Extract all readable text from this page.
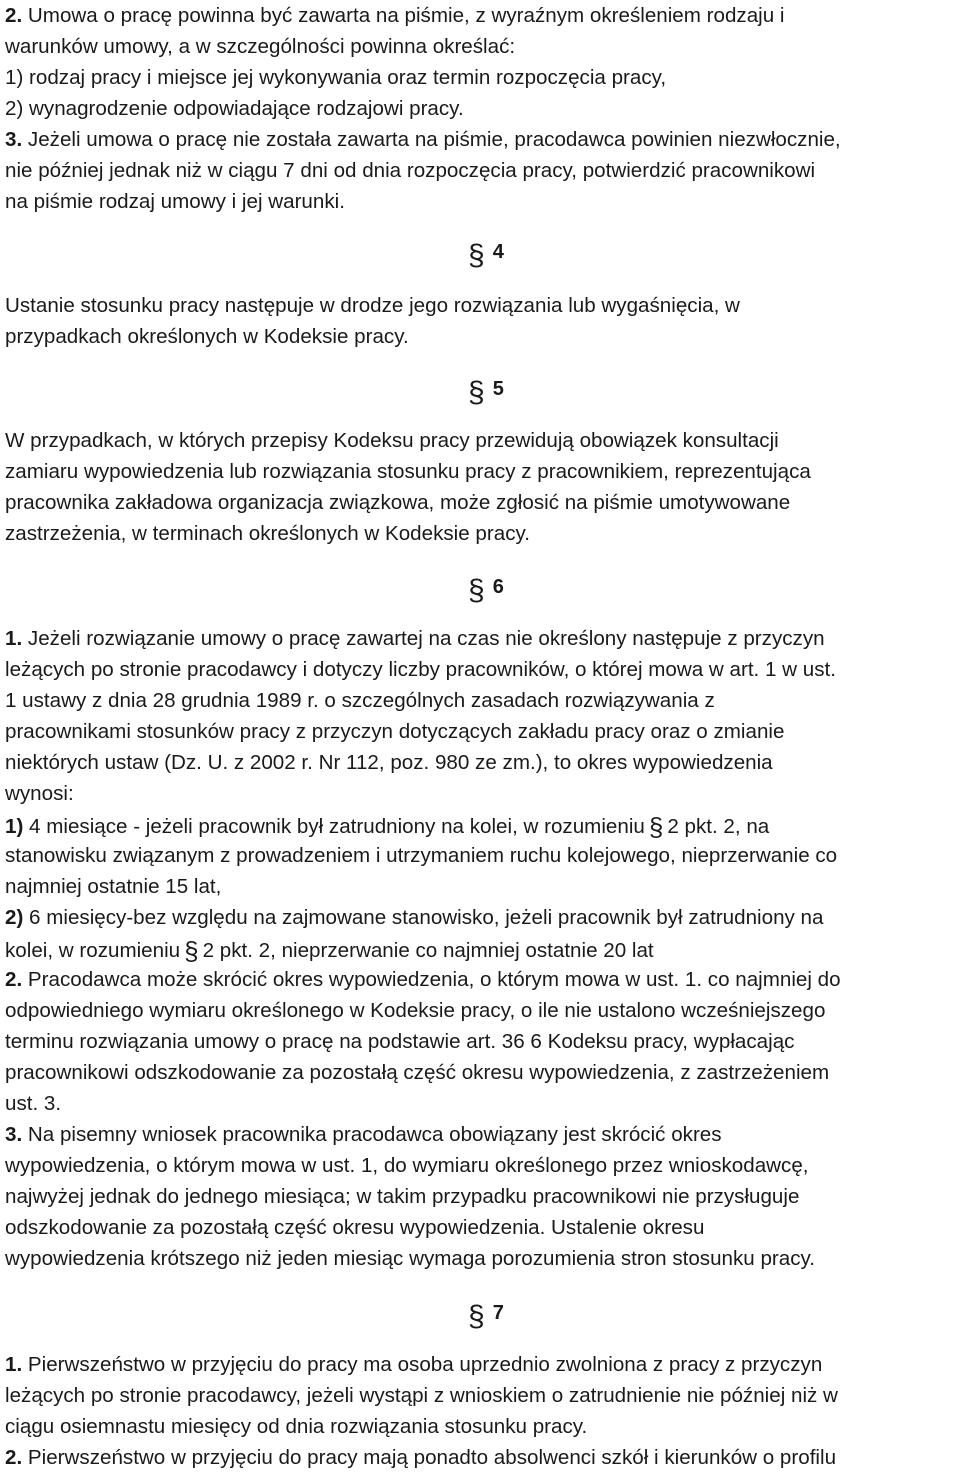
2. Umowa o pracę powinna być zawarta na piśmie, z wyraźnym określeniem rodzaju i
warunków umowy, a w szczególności powinna określać:
1) rodzaj pracy i miejsce jej wykonywania oraz termin rozpoczęcia pracy,
2) wynagrodzenie odpowiadające rodzajowi pracy.
3. Jeżeli umowa o pracę nie została zawarta na piśmie, pracodawca powinien niezwłocznie,
nie później jednak niż w ciągu 7 dni od dnia rozpoczęcia pracy, potwierdzić pracownikowi
na piśmie rodzaj umowy i jej warunki.
§ 4
Ustanie stosunku pracy następuje w drodze jego rozwiązania lub wygaśnięcia, w
przypadkach określonych w Kodeksie pracy.
§ 5
W przypadkach, w których przepisy Kodeksu pracy przewidują obowiązek konsultacji
zamiaru wypowiedzenia lub rozwiązania stosunku pracy z pracownikiem, reprezentująca
pracownika zakładowa organizacja związkowa, może zgłosić na piśmie umotywowane
zastrzeżenia, w terminach określonych w Kodeksie pracy.
§ 6
1. Jeżeli rozwiązanie umowy o pracę zawartej na czas nie określony następuje z przyczyn
leżących po stronie pracodawcy i dotyczy liczby pracowników, o której mowa w art. 1 w ust.
1 ustawy z dnia 28 grudnia 1989 r. o szczególnych zasadach rozwiązywania z
pracownikami stosunków pracy z przyczyn dotyczących zakładu pracy oraz o zmianie
niektórych ustaw (Dz. U. z 2002 r. Nr 112, poz. 980 ze zm.), to okres wypowiedzenia
wynosi:
1) 4 miesiące - jeżeli pracownik był zatrudniony na kolei, w rozumieniu § 2 pkt. 2, na
stanowisku związanym z prowadzeniem i utrzymaniem ruchu kolejowego, nieprzerwanie co
najmniej ostatnie 15 lat,
2) 6 miesięcy-bez względu na zajmowane stanowisko, jeżeli pracownik był zatrudniony na
kolei, w rozumieniu § 2 pkt. 2, nieprzerwanie co najmniej ostatnie 20 lat
2. Pracodawca może skrócić okres wypowiedzenia, o którym mowa w ust. 1. co najmniej do
odpowiedniego wymiaru określonego w Kodeksie pracy, o ile nie ustalono wcześniejszego
terminu rozwiązania umowy o pracę na podstawie art. 36 6 Kodeksu pracy, wypłacając
pracownikowi odszkodowanie za pozostałą część okresu wypowiedzenia, z zastrzeżeniem
ust. 3.
3. Na pisemny wniosek pracownika pracodawca obowiązany jest skrócić okres
wypowiedzenia, o którym mowa w ust. 1, do wymiaru określonego przez wnioskodawcę,
najwyżej jednak do jednego miesiąca; w takim przypadku pracownikowi nie przysługuje
odszkodowanie za pozostałą część okresu wypowiedzenia. Ustalenie okresu
wypowiedzenia krótszego niż jeden miesiąc wymaga porozumienia stron stosunku pracy.
§ 7
1. Pierwszeństwo w przyjęciu do pracy ma osoba uprzednio zwolniona z pracy z przyczyn
leżących po stronie pracodawcy, jeżeli wystąpi z wnioskiem o zatrudnienie nie później niż w
ciągu osiemnastu miesięcy od dnia rozwiązania stosunku pracy.
2. Pierwszeństwo w przyjęciu do pracy mają ponadto absolwenci szkół i kierunków o profilu
